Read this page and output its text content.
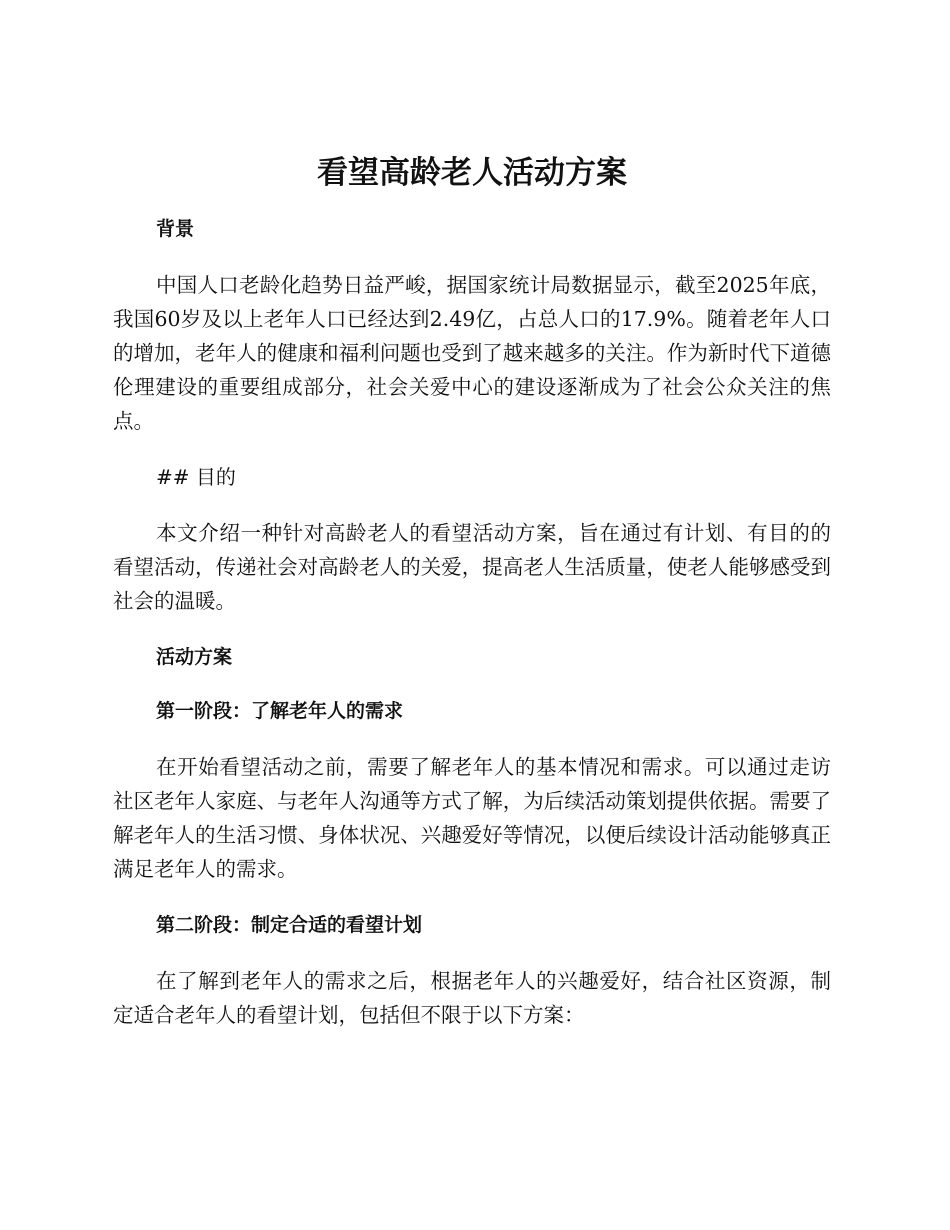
看望高龄老人活动方案

背景

中国人口老龄化趋势日益严峻，据国家统计局数据显示，截至2025年底，我国60岁及以上老年人口已经达到2.49亿，占总人口的17.9%。随着老年人口的增加，老年人的健康和福利问题也受到了越来越多的关注。作为新时代下道德伦理建设的重要组成部分，社会关爱中心的建设逐渐成为了社会公众关注的焦点。

## 目的

本文介绍一种针对高龄老人的看望活动方案，旨在通过有计划、有目的的看望活动，传递社会对高龄老人的关爱，提高老人生活质量，使老人能够感受到社会的温暖。

活动方案

第一阶段：了解老年人的需求

在开始看望活动之前，需要了解老年人的基本情况和需求。可以通过走访社区老年人家庭、与老年人沟通等方式了解，为后续活动策划提供依据。需要了解老年人的生活习惯、身体状况、兴趣爱好等情况，以便后续设计活动能够真正满足老年人的需求。

第二阶段：制定合适的看望计划

在了解到老年人的需求之后，根据老年人的兴趣爱好，结合社区资源，制定适合老年人的看望计划，包括但不限于以下方案：
